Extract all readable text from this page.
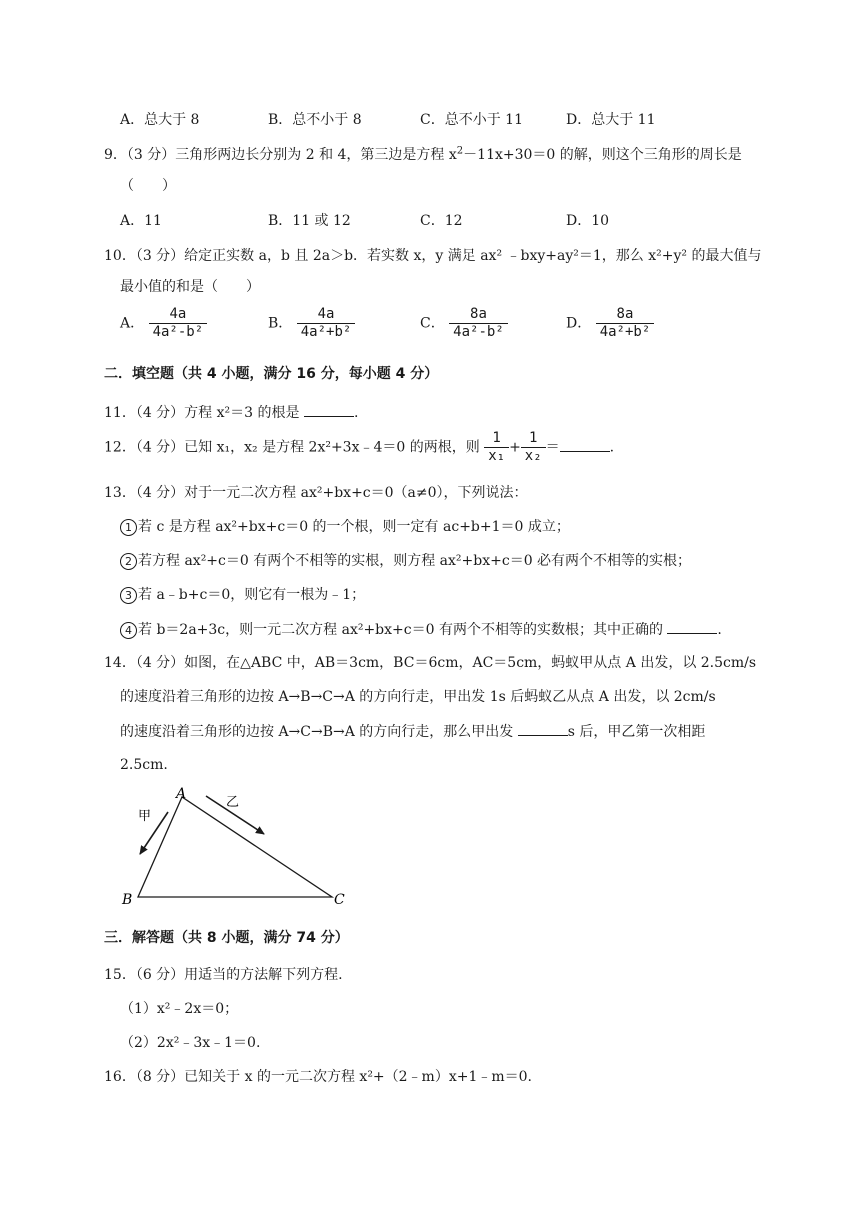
A．总大于 8	B．总不小于 8	C．总不小于 11	D．总大于 11
9．（3 分）三角形两边长分别为 2 和 4，第三边是方程 $x^2-11x+30=0$ 的解，则这个三角形的周长是
（　　）
A．11	B．11 或 12	C．12	D．10
10．（3 分）给定正实数 a，b 且 2a＞b．若实数 x，y 满足 ax² ﹣bxy+ay²＝1，那么 x²+y² 的最大值与
最小值的和是（　　）
A． $\frac{4a}{\text{4a²-b²}}$	B． $\frac{4a}{\text{4a²+b²}}$	C． $\frac{8a}{\text{4a²-b²}}$	D． $\frac{8a}{\text{4a²+b²}}$
二．填空题（共 4 小题，满分 16 分，每小题 4 分）
11．（4 分）方程 x²＝3 的根是	.
12．（4 分）已知 x₁，x₂ 是方程 2x²+3x﹣4＝0 的两根，则 $\frac{1}{\text{x₁}} + \frac{1}{\text{x₂}}$ ＝	.
13．（4 分）对于一元二次方程 ax²+bx+c＝0（a≠0），下列说法：
1 若 c 是方程 ax²+bx+c＝0 的一个根，则一定有 ac+b+1＝0 成立；
2 若方程 ax²+c＝0 有两个不相等的实根，则方程 ax²+bx+c＝0 必有两个不相等的实根；
3 若 a﹣b+c＝0，则它有一根为﹣1；
4 若 b＝2a+3c，则一元二次方程 ax²+bx+c＝0 有两个不相等的实数根；其中正确的	.
14．（4 分）如图，在△ABC 中，AB＝3cm，BC＝6cm，AC＝5cm，蚂蚁甲从点 A 出发，以 2.5cm/s
的速度沿着三角形的边按 A→B→C→A 的方向行走，甲出发 1s 后蚂蚁乙从点 A 出发，以 2cm/s
的速度沿着三角形的边按 A→C→B→A 的方向行走，那么甲出发	s 后，甲乙第一次相距
2.5cm.
A
B	C
甲
乙
三．解答题（共 8 小题，满分 74 分）
15．（6 分）用适当的方法解下列方程.
（1）x²﹣2x＝0；
（2）2x²﹣3x﹣1＝0.
16．（8 分）已知关于 x 的一元二次方程 x²+（2﹣m）x+1﹣m＝0.
